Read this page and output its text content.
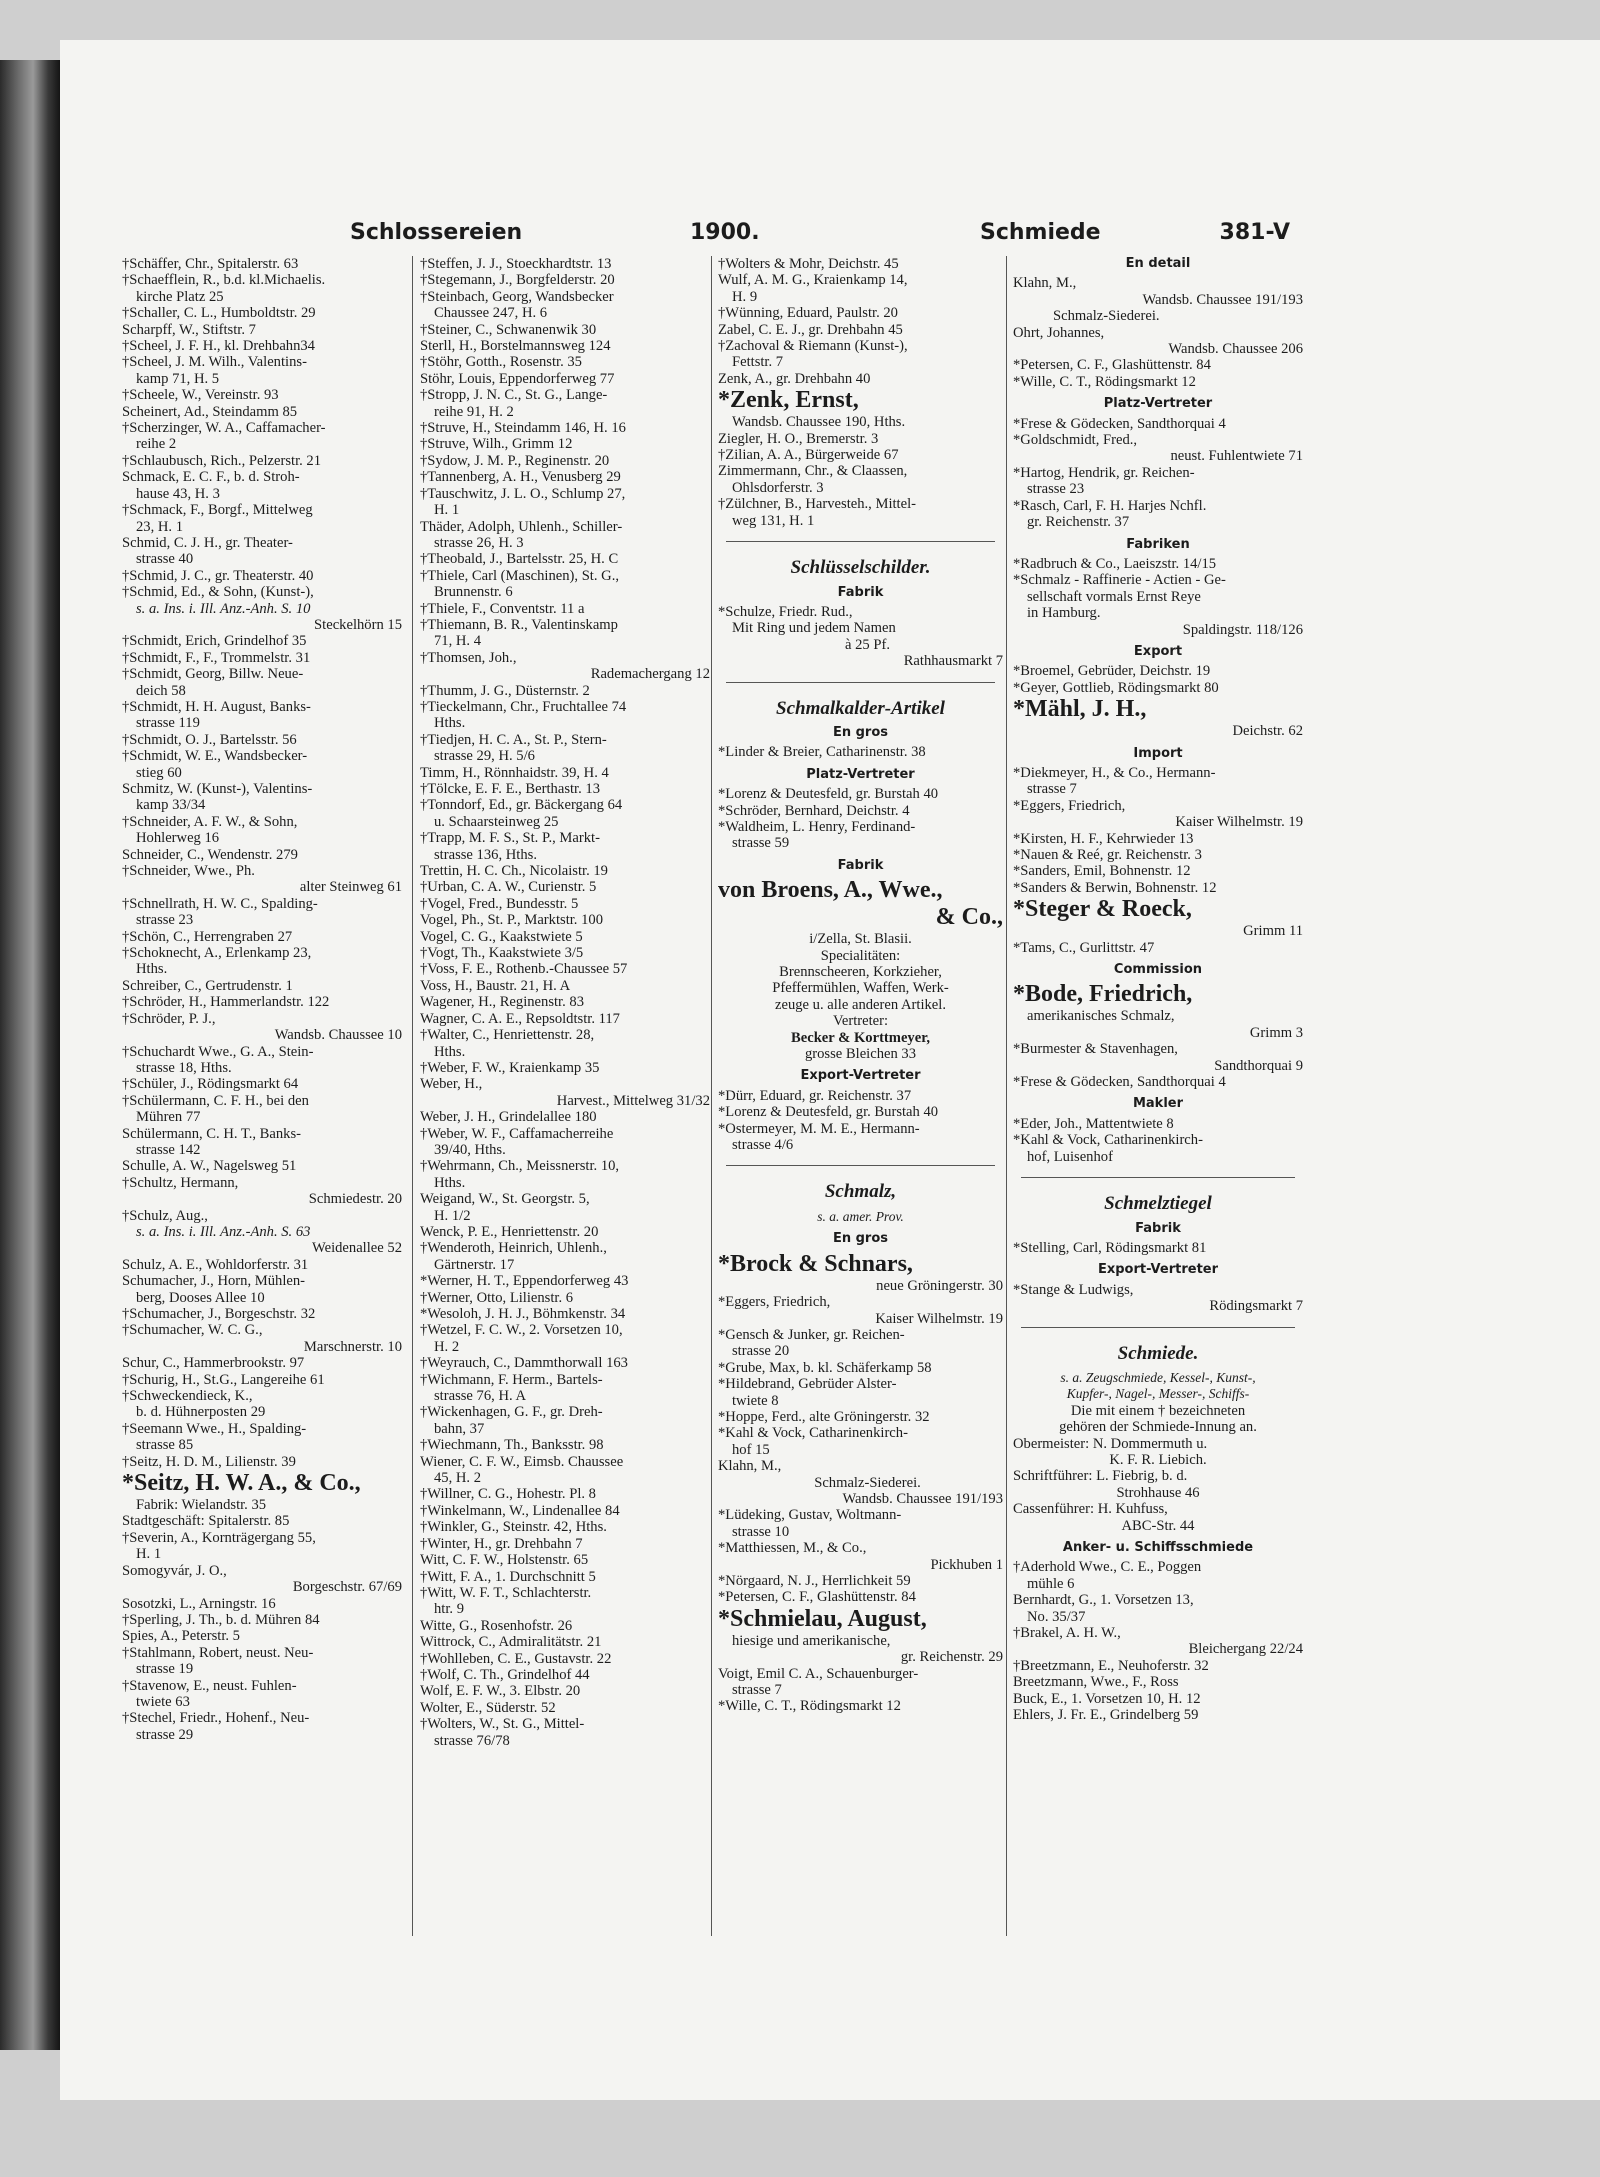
Schlossereien	1900.	Schmiede	381-V
†Schäffer, Chr., Spitalerstr. 63
†Schaefflein, R., b.d. kl.Michaelis.
kirche Platz 25
†Schaller, C. L., Humboldtstr. 29
Scharpff, W., Stiftstr. 7
†Scheel, J. F. H., kl. Drehbahn34
†Scheel, J. M. Wilh., Valentins-
kamp 71, H. 5
†Scheele, W., Vereinstr. 93
Scheinert, Ad., Steindamm 85
†Scherzinger, W. A., Caffamacher-
reihe 2
†Schlaubusch, Rich., Pelzerstr. 21
Schmack, E. C. F., b. d. Stroh-
hause 43, H. 3
†Schmack, F., Borgf., Mittelweg
23, H. 1
Schmid, C. J. H., gr. Theater-
strasse 40
†Schmid, J. C., gr. Theaterstr. 40
†Schmid, Ed., & Sohn, (Kunst-),
s. a. Ins. i. Ill. Anz.-Anh. S. 10
Steckelhörn 15
†Schmidt, Erich, Grindelhof 35
†Schmidt, F., F., Trommelstr. 31
†Schmidt, Georg, Billw. Neue-
deich 58
†Schmidt, H. H. August, Banks-
strasse 119
†Schmidt, O. J., Bartelsstr. 56
†Schmidt, W. E., Wandsbecker-
stieg 60
Schmitz, W. (Kunst-), Valentins-
kamp 33/34
†Schneider, A. F. W., & Sohn,
Hohlerweg 16
Schneider, C., Wendenstr. 279
†Schneider, Wwe., Ph.
alter Steinweg 61
†Schnellrath, H. W. C., Spalding-
strasse 23
†Schön, C., Herrengraben 27
†Schoknecht, A., Erlenkamp 23,
Hths.
Schreiber, C., Gertrudenstr. 1
†Schröder, H., Hammerlandstr. 122
†Schröder, P. J.,
Wandsb. Chaussee 10
†Schuchardt Wwe., G. A., Stein-
strasse 18, Hths.
†Schüler, J., Rödingsmarkt 64
†Schülermann, C. F. H., bei den
Mühren 77
Schülermann, C. H. T., Banks-
strasse 142
Schulle, A. W., Nagelsweg 51
†Schultz, Hermann,
Schmiedestr. 20
†Schulz, Aug.,
s. a. Ins. i. Ill. Anz.-Anh. S. 63
Weidenallee 52
Schulz, A. E., Wohldorferstr. 31
Schumacher, J., Horn, Mühlen-
berg, Dooses Allee 10
†Schumacher, J., Borgeschstr. 32
†Schumacher, W. C. G.,
Marschnerstr. 10
Schur, C., Hammerbrookstr. 97
†Schurig, H., St.G., Langereihe 61
†Schweckendieck, K.,
b. d. Hühnerposten 29
†Seemann Wwe., H., Spalding-
strasse 85
†Seitz, H. D. M., Lilienstr. 39
*Seitz, H. W. A., & Co.,
Fabrik: Wielandstr. 35
Stadtgeschäft: Spitalerstr. 85
†Severin, A., Kornträgergang 55,
H. 1
Somogyvár, J. O.,
Borgeschstr. 67/69
Sosotzki, L., Arningstr. 16
†Sperling, J. Th., b. d. Mühren 84
Spies, A., Peterstr. 5
†Stahlmann, Robert, neust. Neu-
strasse 19
†Stavenow, E., neust. Fuhlen-
twiete 63
†Stechel, Friedr., Hohenf., Neu-
strasse 29
†Steffen, J. J., Stoeckhardtstr. 13
†Stegemann, J., Borgfelderstr. 20
†Steinbach, Georg, Wandsbecker
Chaussee 247, H. 6
†Steiner, C., Schwanenwik 30
Sterll, H., Borstelmannsweg 124
†Stöhr, Gotth., Rosenstr. 35
Stöhr, Louis, Eppendorferweg 77
†Stropp, J. N. C., St. G., Lange-
reihe 91, H. 2
†Struve, H., Steindamm 146, H. 16
†Struve, Wilh., Grimm 12
†Sydow, J. M. P., Reginenstr. 20
†Tannenberg, A. H., Venusberg 29
†Tauschwitz, J. L. O., Schlump 27,
H. 1
Thäder, Adolph, Uhlenh., Schiller-
strasse 26, H. 3
†Theobald, J., Bartelsstr. 25, H. C
†Thiele, Carl (Maschinen), St. G.,
Brunnenstr. 6
†Thiele, F., Conventstr. 11 a
†Thiemann, B. R., Valentinskamp
71, H. 4
†Thomsen, Joh.,
Rademachergang 12
†Thumm, J. G., Düsternstr. 2
†Tieckelmann, Chr., Fruchtallee 74
Hths.
†Tiedjen, H. C. A., St. P., Stern-
strasse 29, H. 5/6
Timm, H., Rönnhaidstr. 39, H. 4
†Tölcke, E. F. E., Berthastr. 13
†Tonndorf, Ed., gr. Bäckergang 64
u. Schaarsteinweg 25
†Trapp, M. F. S., St. P., Markt-
strasse 136, Hths.
Trettin, H. C. Ch., Nicolaistr. 19
†Urban, C. A. W., Curienstr. 5
†Vogel, Fred., Bundesstr. 5
Vogel, Ph., St. P., Marktstr. 100
Vogel, C. G., Kaakstwiete 5
†Vogt, Th., Kaakstwiete 3/5
†Voss, F. E., Rothenb.-Chaussee 57
Voss, H., Baustr. 21, H. A
Wagener, H., Reginenstr. 83
Wagner, C. A. E., Repsoldtstr. 117
†Walter, C., Henriettenstr. 28,
Hths.
†Weber, F. W., Kraienkamp 35
Weber, H.,
Harvest., Mittelweg 31/32
Weber, J. H., Grindelallee 180
†Weber, W. F., Caffamacherreihe
39/40, Hths.
†Wehrmann, Ch., Meissnerstr. 10,
Hths.
Weigand, W., St. Georgstr. 5,
H. 1/2
Wenck, P. E., Henriettenstr. 20
†Wenderoth, Heinrich, Uhlenh.,
Gärtnerstr. 17
*Werner, H. T., Eppendorferweg 43
†Werner, Otto, Lilienstr. 6
*Wesoloh, J. H. J., Böhmkenstr. 34
†Wetzel, F. C. W., 2. Vorsetzen 10,
H. 2
†Weyrauch, C., Dammthorwall 163
†Wichmann, F. Herm., Bartels-
strasse 76, H. A
†Wickenhagen, G. F., gr. Dreh-
bahn, 37
†Wiechmann, Th., Banksstr. 98
Wiener, C. F. W., Eimsb. Chaussee
45, H. 2
†Willner, C. G., Hohestr. Pl. 8
†Winkelmann, W., Lindenallee 84
†Winkler, G., Steinstr. 42, Hths.
†Winter, H., gr. Drehbahn 7
Witt, C. F. W., Holstenstr. 65
†Witt, F. A., 1. Durchschnitt 5
†Witt, W. F. T., Schlachterstr.
htr. 9
Witte, G., Rosenhofstr. 26
Wittrock, C., Admiralitätstr. 21
†Wohlleben, C. E., Gustavstr. 22
†Wolf, C. Th., Grindelhof 44
Wolf, E. F. W., 3. Elbstr. 20
Wolter, E., Süderstr. 52
†Wolters, W., St. G., Mittel-
strasse 76/78
†Wolters & Mohr, Deichstr. 45
Wulf, A. M. G., Kraienkamp 14,
H. 9
†Wünning, Eduard, Paulstr. 20
Zabel, C. E. J., gr. Drehbahn 45
†Zachoval & Riemann (Kunst-),
Fettstr. 7
Zenk, A., gr. Drehbahn 40
*Zenk, Ernst,
Wandsb. Chaussee 190, Hths.
Ziegler, H. O., Bremerstr. 3
†Zilian, A. A., Bürgerweide 67
Zimmermann, Chr., & Claassen,
Ohlsdorferstr. 3
†Zülchner, B., Harvesteh., Mittel-
weg 131, H. 1
Schlüsselschilder.
Fabrik
*Schulze, Friedr. Rud.,
Mit Ring und jedem Namen
à 25 Pf.
Rathhausmarkt 7
Schmalkalder-Artikel
En gros
*Linder & Breier, Catharinenstr. 38
Platz-Vertreter
*Lorenz & Deutesfeld, gr. Burstah 40
*Schröder, Bernhard, Deichstr. 4
*Waldheim, L. Henry, Ferdinand-
strasse 59
Fabrik
von Broens, A., Wwe.,
& Co.,
i/Zella, St. Blasii.
Specialitäten:
Brennscheeren, Korkzieher,
Pfeffermühlen, Waffen, Werk-
zeuge u. alle anderen Artikel.
Vertreter:
Becker & Korttmeyer,
grosse Bleichen 33
Export-Vertreter
*Dürr, Eduard, gr. Reichenstr. 37
*Lorenz & Deutesfeld, gr. Burstah 40
*Ostermeyer, M. M. E., Hermann-
strasse 4/6
Schmalz,
s. a. amer. Prov.
En gros
*Brock & Schnars,
neue Gröningerstr. 30
*Eggers, Friedrich,
Kaiser Wilhelmstr. 19
*Gensch & Junker, gr. Reichen-
strasse 20
*Grube, Max, b. kl. Schäferkamp 58
*Hildebrand, Gebrüder Alster-
twiete 8
*Hoppe, Ferd., alte Gröningerstr. 32
*Kahl & Vock, Catharinenkirch-
hof 15
Klahn, M.,
Schmalz-Siederei.
Wandsb. Chaussee 191/193
*Lüdeking, Gustav, Woltmann-
strasse 10
*Matthiessen, M., & Co.,
Pickhuben 1
*Nörgaard, N. J., Herrlichkeit 59
*Petersen, C. F., Glashüttenstr. 84
*Schmielau, August,
hiesige und amerikanische,
gr. Reichenstr. 29
Voigt, Emil C. A., Schauenburger-
strasse 7
*Wille, C. T., Rödingsmarkt 12
En detail
Klahn, M.,
Wandsb. Chaussee 191/193
Schmalz-Siederei.
Ohrt, Johannes,
Wandsb. Chaussee 206
*Petersen, C. F., Glashüttenstr. 84
*Wille, C. T., Rödingsmarkt 12
Platz-Vertreter
*Frese & Gödecken, Sandthorquai 4
*Goldschmidt, Fred.,
neust. Fuhlentwiete 71
*Hartog, Hendrik, gr. Reichen-
strasse 23
*Rasch, Carl, F. H. Harjes Nchfl.
gr. Reichenstr. 37
Fabriken
*Radbruch & Co., Laeiszstr. 14/15
*Schmalz - Raffinerie - Actien - Ge-
sellschaft vormals Ernst Reye
in Hamburg.
Spaldingstr. 118/126
Export
*Broemel, Gebrüder, Deichstr. 19
*Geyer, Gottlieb, Rödingsmarkt 80
*Mähl, J. H.,
Deichstr. 62
Import
*Diekmeyer, H., & Co., Hermann-
strasse 7
*Eggers, Friedrich,
Kaiser Wilhelmstr. 19
*Kirsten, H. F., Kehrwieder 13
*Nauen & Reé, gr. Reichenstr. 3
*Sanders, Emil, Bohnenstr. 12
*Sanders & Berwin, Bohnenstr. 12
*Steger & Roeck,
Grimm 11
*Tams, C., Gurlittstr. 47
Commission
*Bode, Friedrich,
amerikanisches Schmalz,
Grimm 3
*Burmester & Stavenhagen,
Sandthorquai 9
*Frese & Gödecken, Sandthorquai 4
Makler
*Eder, Joh., Mattentwiete 8
*Kahl & Vock, Catharinenkirch-
hof, Luisenhof
Schmelztiegel
Fabrik
*Stelling, Carl, Rödingsmarkt 81
Export-Vertreter
*Stange & Ludwigs,
Rödingsmarkt 7
Schmiede.
s. a. Zeugschmiede, Kessel-, Kunst-,
Kupfer-, Nagel-, Messer-, Schiffs-
Die mit einem † bezeichneten
gehören der Schmiede-Innung an.
Obermeister: N. Dommermuth u.
K. F. R. Liebich.
Schriftführer: L. Fiebrig, b. d.
Strohhause 46
Cassenführer: H. Kuhfuss,
ABC-Str. 44
Anker- u. Schiffsschmiede
†Aderhold Wwe., C. E., Poggen
mühle 6
Bernhardt, G., 1. Vorsetzen 13,
No. 35/37
†Brakel, A. H. W.,
Bleichergang 22/24
†Breetzmann, E., Neuhoferstr. 32
Breetzmann, Wwe., F., Ross
Buck, E., 1. Vorsetzen 10, H. 12
Ehlers, J. Fr. E., Grindelberg 59
